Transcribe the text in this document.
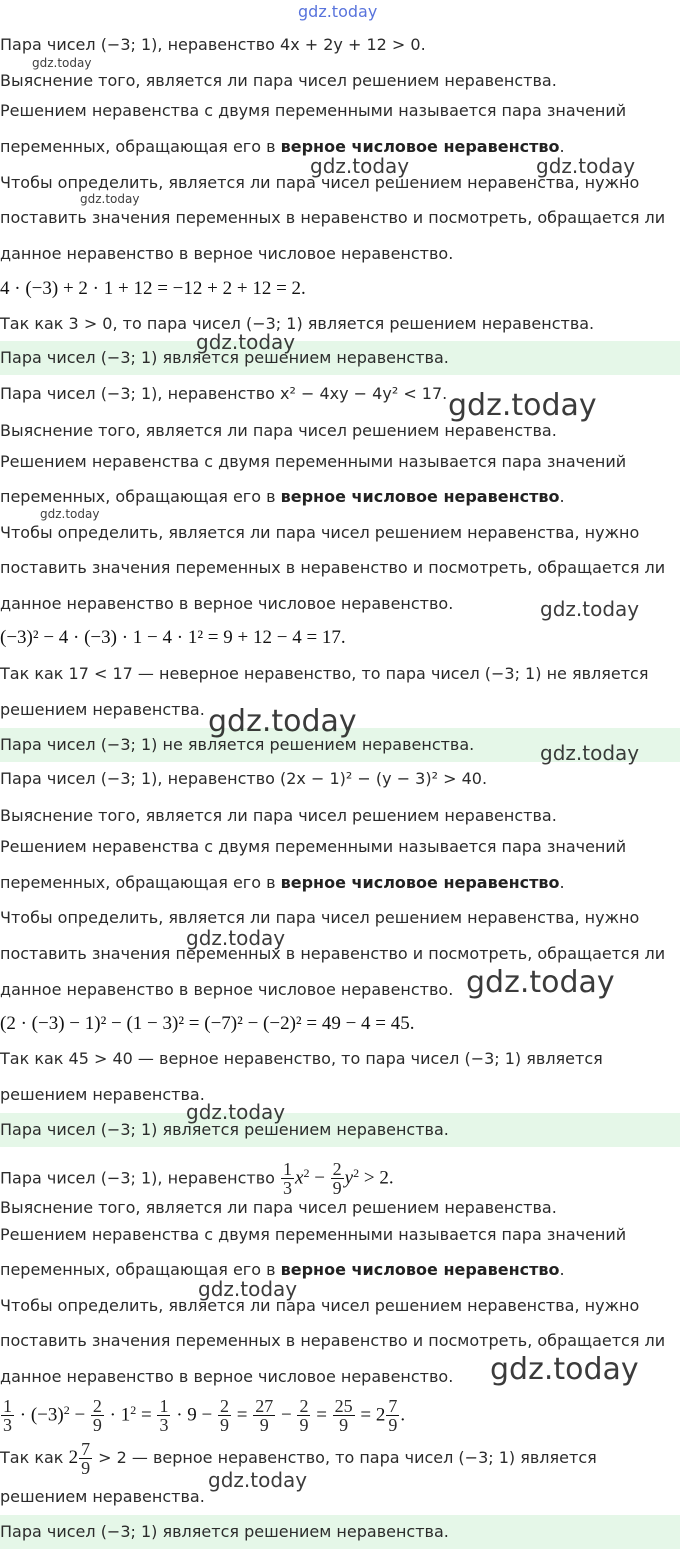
Пара чисел (−3; 1), неравенство 4x + 2y + 12 > 0.
Выяснение того, является ли пара чисел решением неравенства.
Решением неравенства с двумя переменными называется пара значений
переменных, обращающая его в верное числовое неравенство.
Чтобы определить, является ли пара чисел решением неравенства, нужно
поставить значения переменных в неравенство и посмотреть, обращается ли
данное неравенство в верное числовое неравенство.
4 · (−3) + 2 · 1 + 12 = −12 + 2 + 12 = 2.
Так как 3 > 0, то пара чисел (−3; 1) является решением неравенства.
Пара чисел (−3; 1) является решением неравенства.
Пара чисел (−3; 1), неравенство x² − 4xy − 4y² < 17.
Выяснение того, является ли пара чисел решением неравенства.
Решением неравенства с двумя переменными называется пара значений
переменных, обращающая его в верное числовое неравенство.
Чтобы определить, является ли пара чисел решением неравенства, нужно
поставить значения переменных в неравенство и посмотреть, обращается ли
данное неравенство в верное числовое неравенство.
(−3)² − 4 · (−3) · 1 − 4 · 1² = 9 + 12 − 4 = 17.
Так как 17 < 17 — неверное неравенство, то пара чисел (−3; 1) не является
решением неравенства.
Пара чисел (−3; 1) не является решением неравенства.
Пара чисел (−3; 1), неравенство (2x − 1)² − (y − 3)² > 40.
Выяснение того, является ли пара чисел решением неравенства.
Решением неравенства с двумя переменными называется пара значений
переменных, обращающая его в верное числовое неравенство.
Чтобы определить, является ли пара чисел решением неравенства, нужно
поставить значения переменных в неравенство и посмотреть, обращается ли
данное неравенство в верное числовое неравенство.
(2 · (−3) − 1)² − (1 − 3)² = (−7)² − (−2)² = 49 − 4 = 45.
Так как 45 > 40 — верное неравенство, то пара чисел (−3; 1) является
решением неравенства.
Пара чисел (−3; 1) является решением неравенства.
Пара чисел (−3; 1), неравенство $\frac{1}{3} x^2 - \frac{2}{9} y^2 > 2$.
Выяснение того, является ли пара чисел решением неравенства.
Решением неравенства с двумя переменными называется пара значений
переменных, обращающая его в верное числовое неравенство.
Чтобы определить, является ли пара чисел решением неравенства, нужно
поставить значения переменных в неравенство и посмотреть, обращается ли
данное неравенство в верное числовое неравенство.
$\frac{1}{3} \cdot (-3)^2 - \frac{2}{9} \cdot 1^2 = \frac{1}{3} \cdot 9 - \frac{2}{9} = \frac{27}{9} - \frac{2}{9} = \frac{25}{9} = 2 \frac{7}{9}$ .
Так как $2 \frac{7}{9} > 2$ — верное неравенство, то пара чисел (−3; 1) является
решением неравенства.
Пара чисел (−3; 1) является решением неравенства.
gdz.today
gdz.today
gdz.today	gdz.today
gdz.today
gdz.today
gdz.today
gdz.today
gdz.today
gdz.today
gdz.today
gdz.today
gdz.today
gdz.today
gdz.today
gdz.today
gdz.today
